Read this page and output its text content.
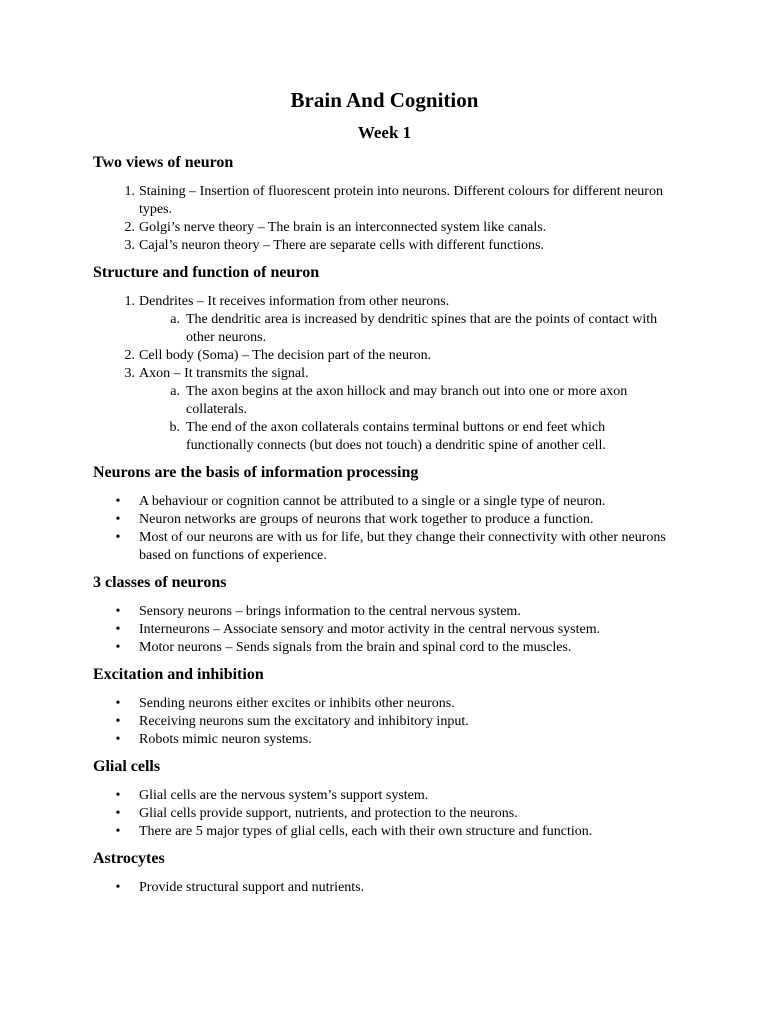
Brain And Cognition
Week 1
Two views of neuron
1. Staining – Insertion of fluorescent protein into neurons. Different colours for different neuron types.
2. Golgi’s nerve theory – The brain is an interconnected system like canals.
3. Cajal’s neuron theory – There are separate cells with different functions.
Structure and function of neuron
1. Dendrites – It receives information from other neurons.
a. The dendritic area is increased by dendritic spines that are the points of contact with other neurons.
2. Cell body (Soma) – The decision part of the neuron.
3. Axon – It transmits the signal.
a. The axon begins at the axon hillock and may branch out into one or more axon collaterals.
b. The end of the axon collaterals contains terminal buttons or end feet which functionally connects (but does not touch) a dendritic spine of another cell.
Neurons are the basis of information processing
• A behaviour or cognition cannot be attributed to a single or a single type of neuron.
• Neuron networks are groups of neurons that work together to produce a function.
• Most of our neurons are with us for life, but they change their connectivity with other neurons based on functions of experience.
3 classes of neurons
• Sensory neurons – brings information to the central nervous system.
• Interneurons – Associate sensory and motor activity in the central nervous system.
• Motor neurons – Sends signals from the brain and spinal cord to the muscles.
Excitation and inhibition
• Sending neurons either excites or inhibits other neurons.
• Receiving neurons sum the excitatory and inhibitory input.
• Robots mimic neuron systems.
Glial cells
• Glial cells are the nervous system’s support system.
• Glial cells provide support, nutrients, and protection to the neurons.
• There are 5 major types of glial cells, each with their own structure and function.
Astrocytes
• Provide structural support and nutrients.
